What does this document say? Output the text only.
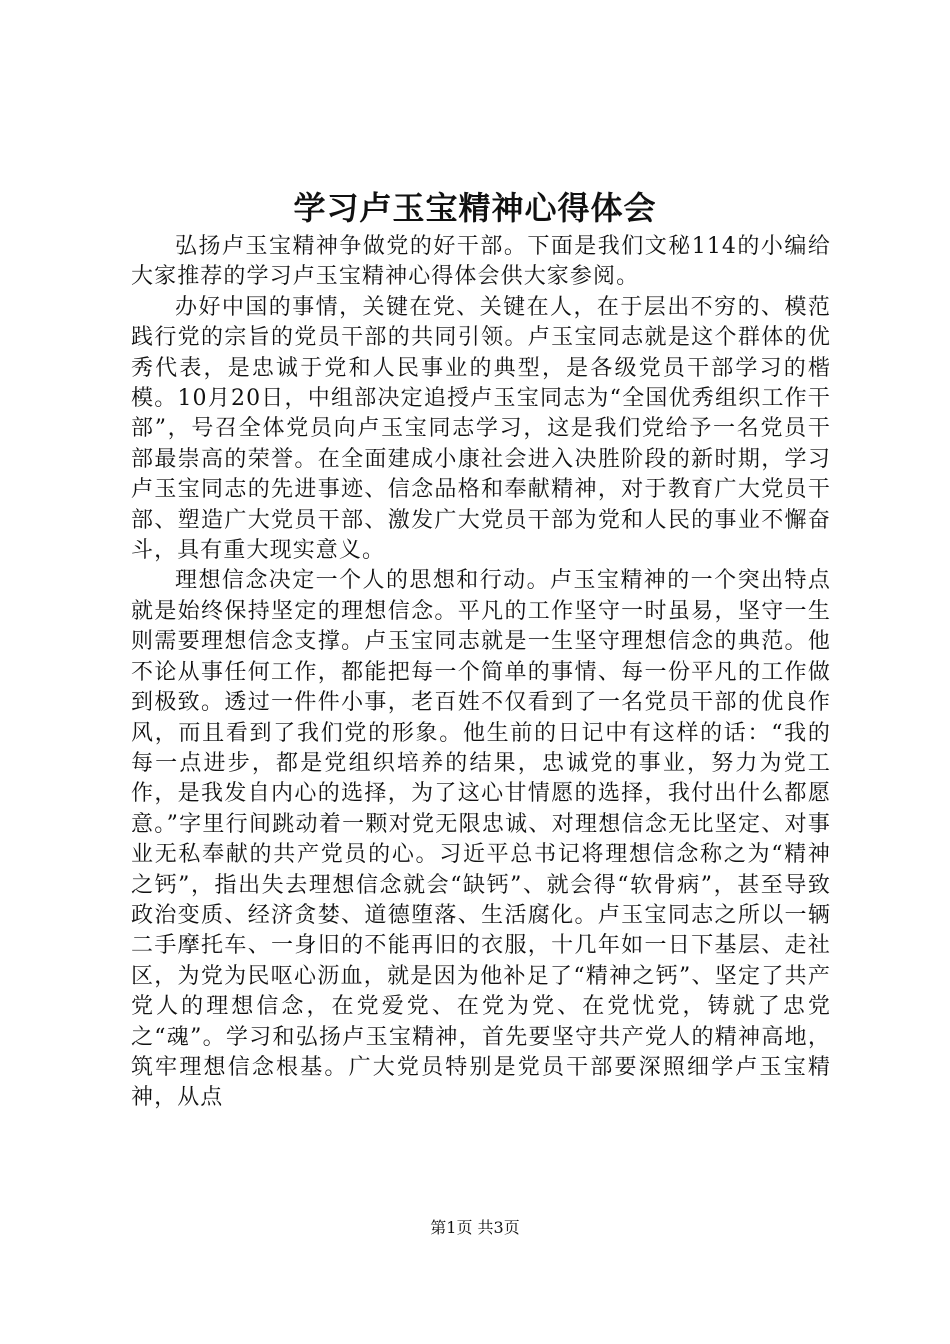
学习卢玉宝精神心得体会

弘扬卢玉宝精神争做党的好干部。下面是我们文秘114的小编给大家推荐的学习卢玉宝精神心得体会供大家参阅。

办好中国的事情，关键在党、关键在人，在于层出不穷的、模范践行党的宗旨的党员干部的共同引领。卢玉宝同志就是这个群体的优秀代表，是忠诚于党和人民事业的典型，是各级党员干部学习的楷模。10月20日，中组部决定追授卢玉宝同志为“全国优秀组织工作干部”，号召全体党员向卢玉宝同志学习，这是我们党给予一名党员干部最崇高的荣誉。在全面建成小康社会进入决胜阶段的新时期，学习卢玉宝同志的先进事迹、信念品格和奉献精神，对于教育广大党员干部、塑造广大党员干部、激发广大党员干部为党和人民的事业不懈奋斗，具有重大现实意义。

理想信念决定一个人的思想和行动。卢玉宝精神的一个突出特点就是始终保持坚定的理想信念。平凡的工作坚守一时虽易，坚守一生则需要理想信念支撑。卢玉宝同志就是一生坚守理想信念的典范。他不论从事任何工作，都能把每一个简单的事情、每一份平凡的工作做到极致。透过一件件小事，老百姓不仅看到了一名党员干部的优良作风，而且看到了我们党的形象。他生前的日记中有这样的话：“我的每一点进步，都是党组织培养的结果，忠诚党的事业，努力为党工作，是我发自内心的选择，为了这心甘情愿的选择，我付出什么都愿意。”字里行间跳动着一颗对党无限忠诚、对理想信念无比坚定、对事业无私奉献的共产党员的心。习近平总书记将理想信念称之为“精神之钙”，指出失去理想信念就会“缺钙”、就会得“软骨病”，甚至导致政治变质、经济贪婪、道德堕落、生活腐化。卢玉宝同志之所以一辆二手摩托车、一身旧的不能再旧的衣服，十几年如一日下基层、走社区，为党为民呕心沥血，就是因为他补足了“精神之钙”、坚定了共产党人的理想信念，在党爱党、在党为党、在党忧党，铸就了忠党之“魂”。学习和弘扬卢玉宝精神，首先要坚守共产党人的精神高地，筑牢理想信念根基。广大党员特别是党员干部要深照细学卢玉宝精神，从点

第1页 共3页
